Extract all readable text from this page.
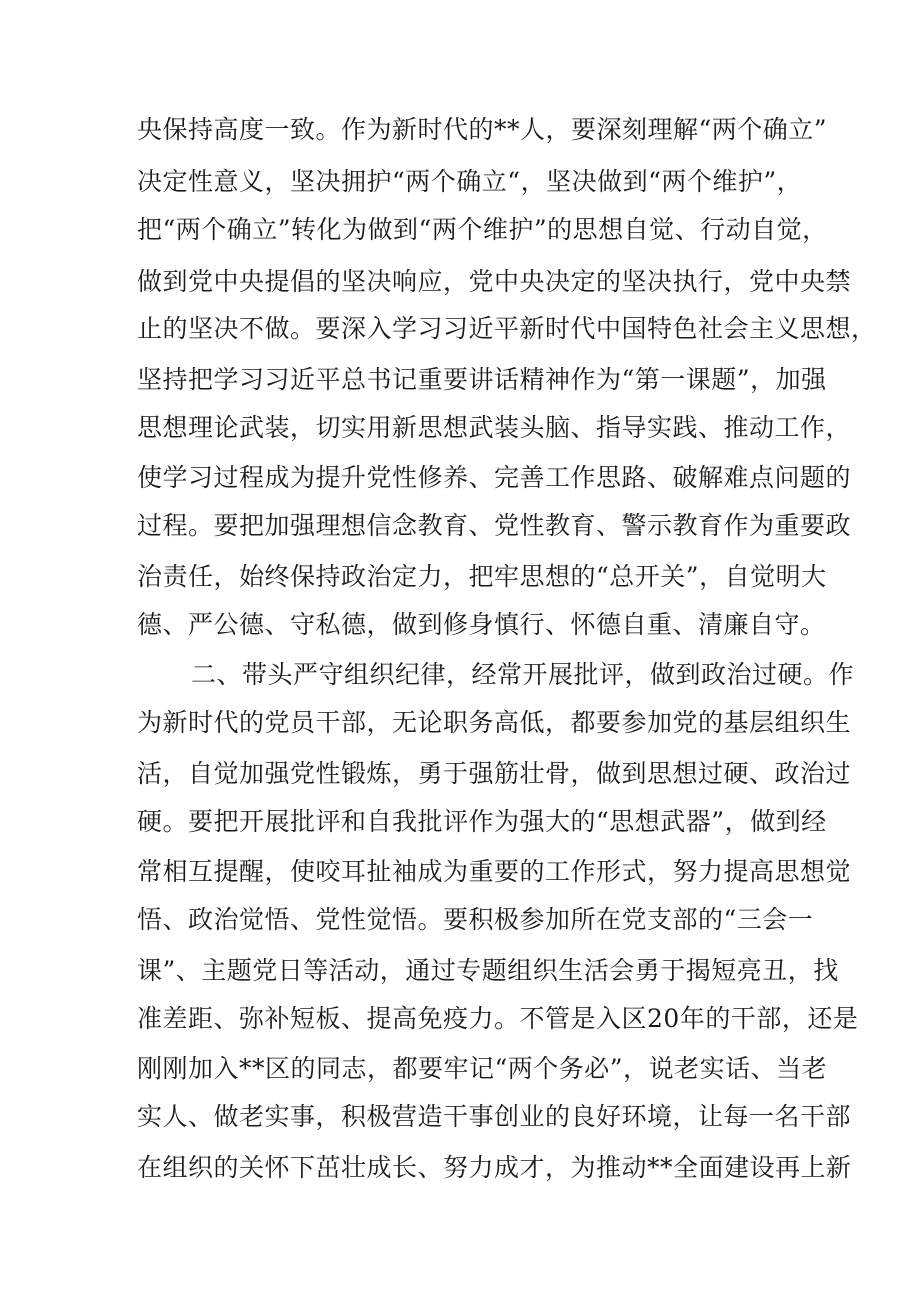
央保持高度一致。作为新时代的**人，要深刻理解“两个确立”
决定性意义，坚决拥护“两个确立“，坚决做到“两个维护”，
把“两个确立”转化为做到“两个维护”的思想自觉、行动自觉，
做到党中央提倡的坚决响应，党中央决定的坚决执行，党中央禁
止的坚决不做。要深入学习习近平新时代中国特色社会主义思想，
坚持把学习习近平总书记重要讲话精神作为“第一课题”，加强
思想理论武装，切实用新思想武装头脑、指导实践、推动工作，
使学习过程成为提升党性修养、完善工作思路、破解难点问题的
过程。要把加强理想信念教育、党性教育、警示教育作为重要政
治责任，始终保持政治定力，把牢思想的“总开关”，自觉明大
德、严公德、守私德，做到修身慎行、怀德自重、清廉自守。
二、带头严守组织纪律，经常开展批评，做到政治过硬。作
为新时代的党员干部，无论职务高低，都要参加党的基层组织生
活，自觉加强党性锻炼，勇于强筋壮骨，做到思想过硬、政治过
硬。要把开展批评和自我批评作为强大的“思想武器”，做到经
常相互提醒，使咬耳扯袖成为重要的工作形式，努力提高思想觉
悟、政治觉悟、党性觉悟。要积极参加所在党支部的“三会一
课”、主题党日等活动，通过专题组织生活会勇于揭短亮丑，找
准差距、弥补短板、提高免疫力。不管是入区20年的干部，还是
刚刚加入**区的同志，都要牢记“两个务必”，说老实话、当老
实人、做老实事，积极营造干事创业的良好环境，让每一名干部
在组织的关怀下茁壮成长、努力成才，为推动**全面建设再上新
